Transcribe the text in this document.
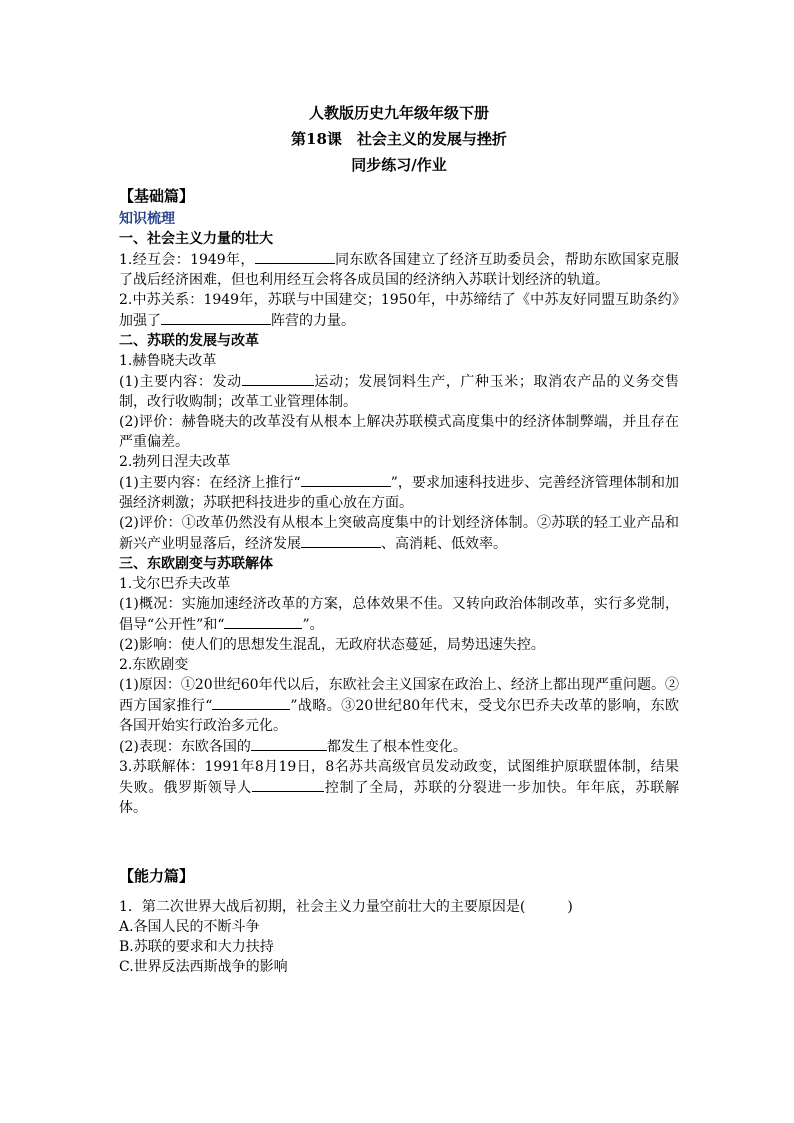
人教版历史九年级年级下册

第18课　社会主义的发展与挫折

同步练习/作业

【基础篇】
知识梳理
一、社会主义力量的壮大

1.经互会：1949年，	同东欧各国建立了经济互助委员会，帮助东欧国家克服了战后经济困难，但也利用经互会将各成员国的经济纳入苏联计划经济的轨道。

2.中苏关系：1949年，苏联与中国建交；1950年，中苏缔结了《中苏友好同盟互助条约》加强了	阵营的力量。

二、苏联的发展与改革

1.赫鲁晓夫改革

(1)主要内容：发动	运动；发展饲料生产，广种玉米；取消农产品的义务交售制，改行收购制；改革工业管理体制。

(2)评价：赫鲁晓夫的改革没有从根本上解决苏联模式高度集中的经济体制弊端，并且存在严重偏差。

2.勃列日涅夫改革

(1)主要内容：在经济上推行“	”，要求加速科技进步、完善经济管理体制和加强经济刺激；苏联把科技进步的重心放在方面。

(2)评价：①改革仍然没有从根本上突破高度集中的计划经济体制。②苏联的轻工业产品和新兴产业明显落后，经济发展	、高消耗、低效率。

三、东欧剧变与苏联解体

1.戈尔巴乔夫改革

(1)概况：实施加速经济改革的方案，总体效果不佳。又转向政治体制改革，实行多党制，倡导“公开性”和“	”。

(2)影响：使人们的思想发生混乱，无政府状态蔓延，局势迅速失控。

2.东欧剧变

(1)原因：①20世纪60年代以后，东欧社会主义国家在政治上、经济上都出现严重问题。②西方国家推行“	”战略。③20世纪80年代末，受戈尔巴乔夫改革的影响，东欧各国开始实行政治多元化。

(2)表现：东欧各国的	都发生了根本性变化。

3.苏联解体：1991年8月19日，8名苏共高级官员发动政变，试图维护原联盟体制，结果失败。俄罗斯领导人	控制了全局，苏联的分裂进一步加快。年年底，苏联解体。

【能力篇】

1．第二次世界大战后初期，社会主义力量空前壮大的主要原因是(　　　)

A.各国人民的不断斗争

B.苏联的要求和大力扶持

C.世界反法西斯战争的影响
